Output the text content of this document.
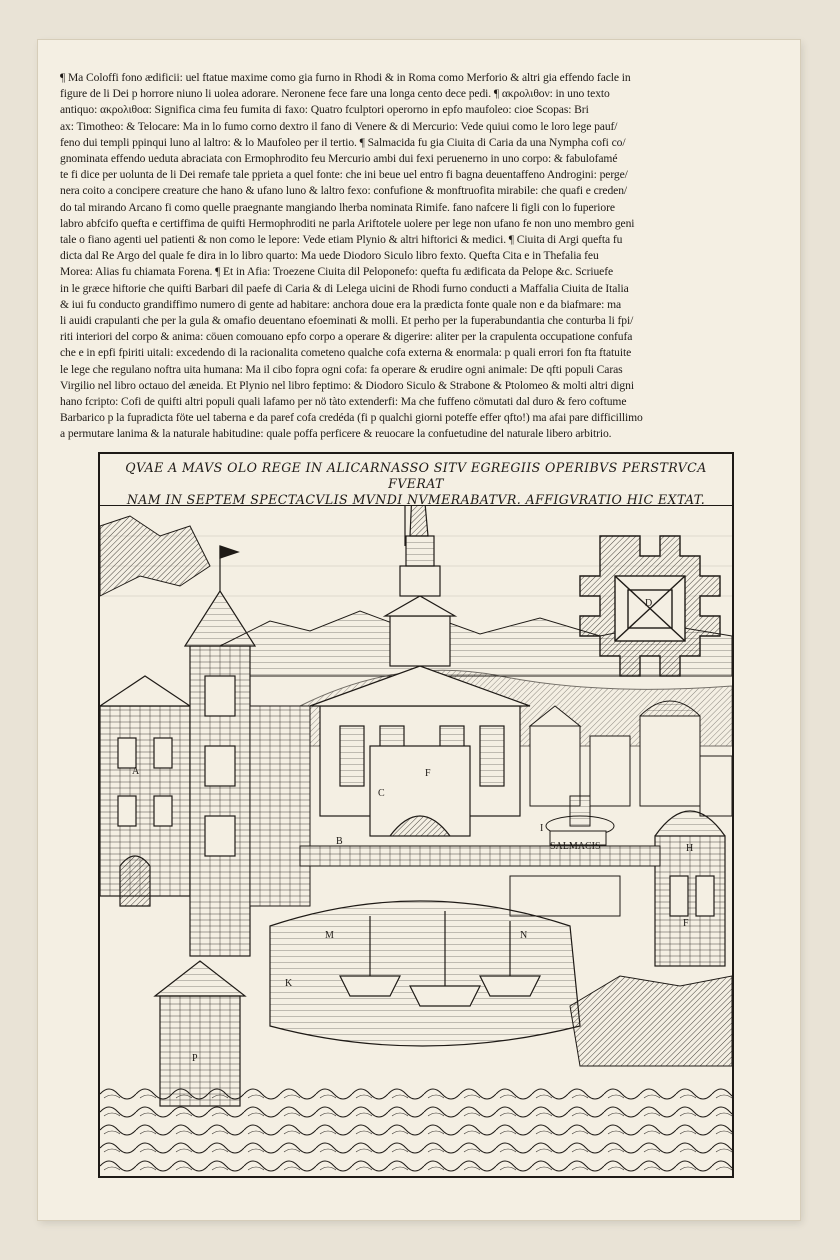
¶ Ma Coloffi fono ædificii: uel ftatue maxime como gia furno in Rhodi & in Roma como Merforio & altri gia effendo facle in

figure de li Dei p horrore niuno li uolea adorare. Neronene fece fare una longa cento dece pedi. ¶ ακρολιθον: in uno texto

antiquo: ακρολιθοα: Significa cima feu fumita di faxo: Quatro fculptori operorno in epfo maufoleo: cioe Scopas: Bri

ax: Timotheo: & Telocare: Ma in lo fumo corno dextro il fano di Venere & di Mercurio: Vede quiui como le loro lege pauf/

feno dui templi ppinqui luno al laltro: & lo Maufoleo per il tertio. ¶ Salmacida fu gia Ciuita di Caria da una Nympha cofi co/

gnominata effendo ueduta abraciata con Ermophrodito feu Mercurio ambi dui fexi peruenerno in uno corpo: & fabulofamé

te fi dice per uolunta de li Dei remafe tale pprieta a quel fonte: che ini beue uel entro fi bagna deuentaffeno Androgini: perge/

nera coito a concipere creature che hano & ufano luno & laltro fexo: confufione & monftruofita mirabile: che quafi e creden/

do tal mirando Arcano fi como quelle praegnante mangiando lherba nominata Rimife. fano nafcere li figli con lo fuperiore

labro abfcifo quefta e certiffima de quifti Hermophroditi ne parla Ariftotele uolere per lege non ufano fe non uno membro geni

tale o fiano agenti uel patienti & non como le lepore: Vede etiam Plynio & altri hiftorici & medici. ¶ Ciuita di Argi quefta fu

dicta dal Re Argo del quale fe dira in lo libro quarto: Ma uede Diodoro Siculo libro fexto. Quefta Cita e in Thefalia feu

Morea: Alias fu chiamata Forena. ¶ Et in Afia: Troezene Ciuita dil Peloponefo: quefta fu ædificata da Pelope &c. Scriuefe

in le græce hiftorie che quifti Barbari dil paefe di Caria & di Lelega uicini de Rhodi furno conducti a Maffalia Ciuita de Italia

& iui fu conducto grandiffimo numero di gente ad habitare: anchora doue era la prædicta fonte quale non e da biafmare: ma

li auidi crapulanti che per la gula & omafio deuentano efoeminati & molli. Et perho per la fuperabundantia che conturba li fpi/

riti interiori del corpo & anima: cöuen comouano epfo corpo a operare & digerire: aliter per la crapulenta occupatione confufa

che e in epfi fpiriti uitali: excedendo di la racionalita cometeno qualche cofa externa & enormala: p quali errori fon fta ftatuite

le lege che regulano noftra uita humana: Ma il cibo fopra ogni cofa: fa operare & erudire ogni animale: De qfti populi Caras

Virgilio nel libro octauo del æneida. Et Plynio nel libro feptimo: & Diodoro Siculo & Strabone & Ptolomeo & molti altri digni

hano fcripto: Cofi de quifti altri populi quali lafamo per nö tàto extenderfi: Ma che fuffeno cömutati dal duro & fero coftume

Barbarico p la fupradicta föte uel taberna e da paref cofa credéda (fi p qualchi giorni poteffe effer qfto!) ma afai pare difficillimo

a permutare lanima & la naturale habitudine: quale poffa perficere & reuocare la confuetudine del naturale libero arbitrio.

QVAE A MAVS OLO REGE IN ALICARNASSO SITV EGREGIIS OPERIBVS PERSTRVCA FVERAT
NAM IN SEPTEM SPECTACVLIS MVNDI NVMERABATVR. AFFIGVRATIO HIC EXTAT.
A
B
C
D
F
F
H
I
K
M	N
P
SALMACIS
